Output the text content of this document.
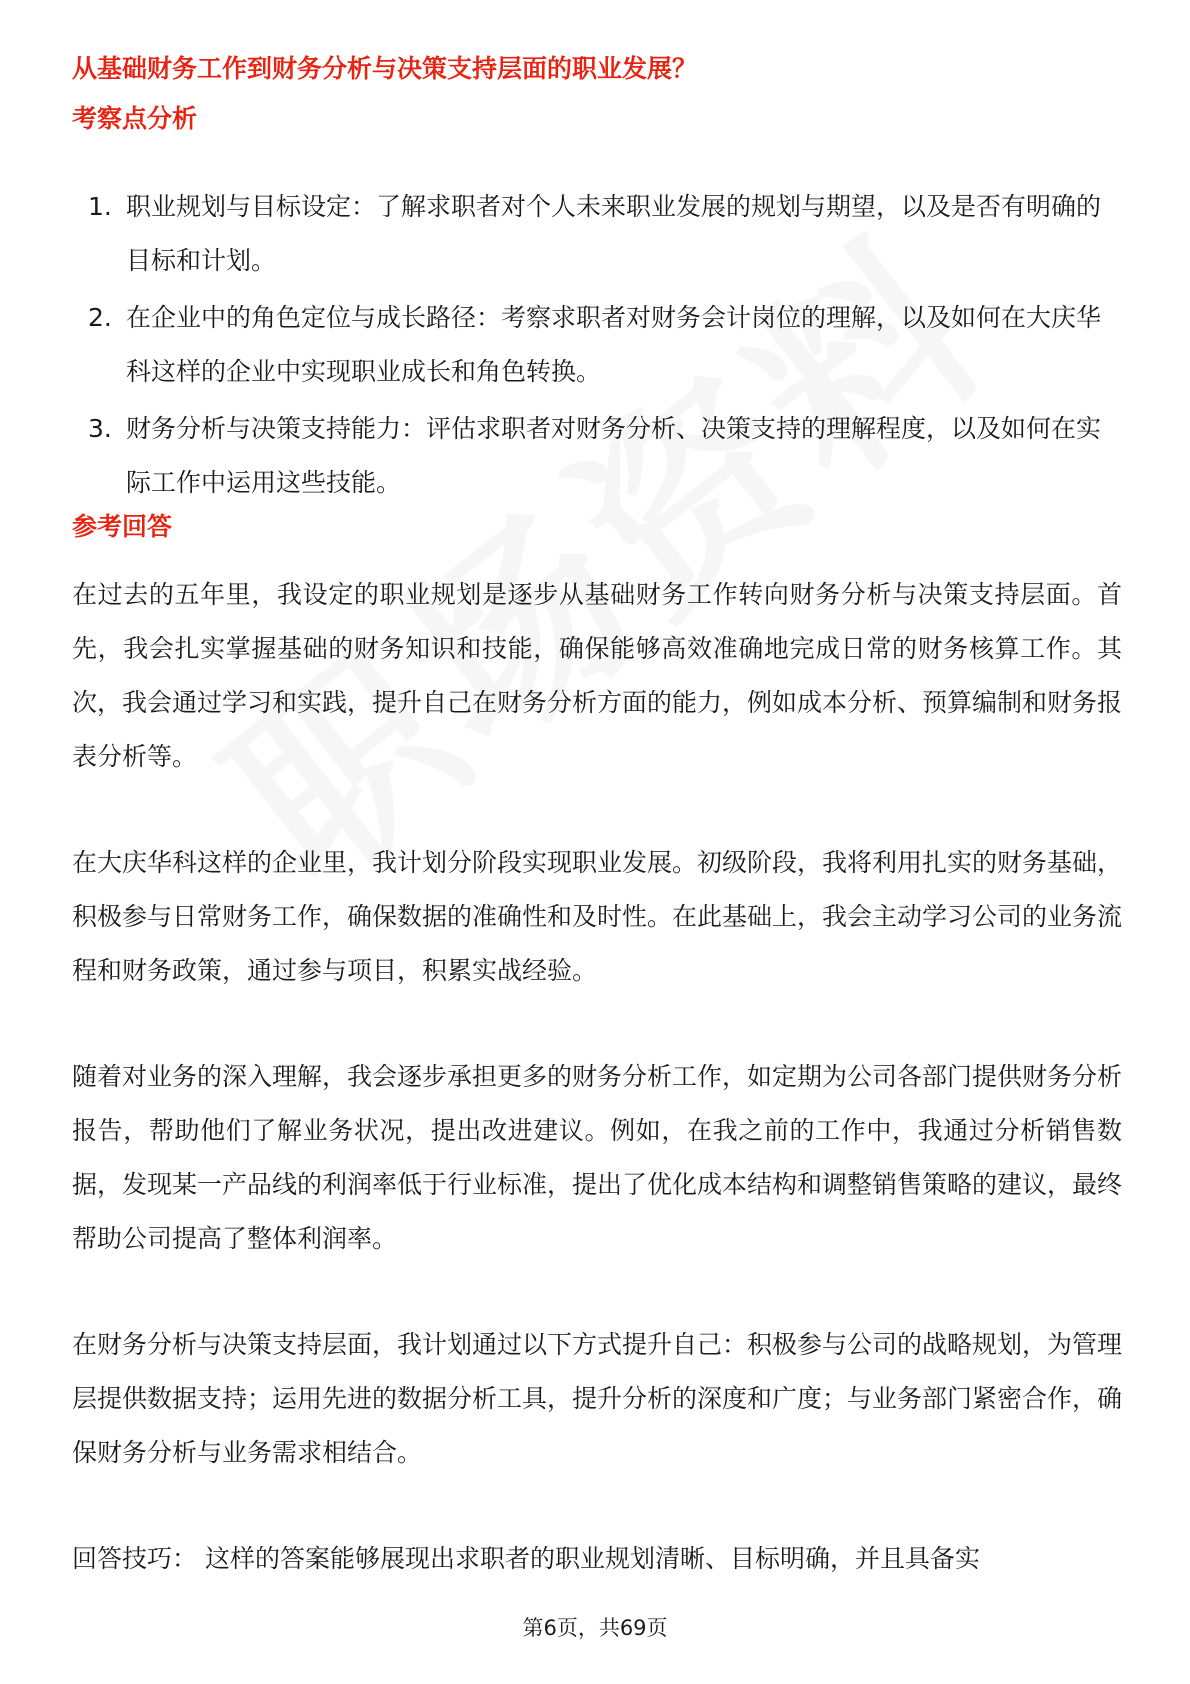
从基础财务工作到财务分析与决策支持层面的职业发展？
考察点分析
1. 职业规划与目标设定：了解求职者对个人未来职业发展的规划与期望，以及是否有明确的目标和计划。
2. 在企业中的角色定位与成长路径：考察求职者对财务会计岗位的理解，以及如何在大庆华科这样的企业中实现职业成长和角色转换。
3. 财务分析与决策支持能力：评估求职者对财务分析、决策支持的理解程度，以及如何在实际工作中运用这些技能。
参考回答

在过去的五年里，我设定的职业规划是逐步从基础财务工作转向财务分析与决策支持层面。首先，我会扎实掌握基础的财务知识和技能，确保能够高效准确地完成日常的财务核算工作。其次，我会通过学习和实践，提升自己在财务分析方面的能力，例如成本分析、预算编制和财务报表分析等。

在大庆华科这样的企业里，我计划分阶段实现职业发展。初级阶段，我将利用扎实的财务基础，积极参与日常财务工作，确保数据的准确性和及时性。在此基础上，我会主动学习公司的业务流程和财务政策，通过参与项目，积累实战经验。

随着对业务的深入理解，我会逐步承担更多的财务分析工作，如定期为公司各部门提供财务分析报告，帮助他们了解业务状况，提出改进建议。例如，在我之前的工作中，我通过分析销售数据，发现某一产品线的利润率低于行业标准，提出了优化成本结构和调整销售策略的建议，最终帮助公司提高了整体利润率。

在财务分析与决策支持层面，我计划通过以下方式提升自己：积极参与公司的战略规划，为管理层提供数据支持；运用先进的数据分析工具，提升分析的深度和广度；与业务部门紧密合作，确保财务分析与业务需求相结合。

回答技巧： 这样的答案能够展现出求职者的职业规划清晰、目标明确，并且具备实

第6页，共69页
